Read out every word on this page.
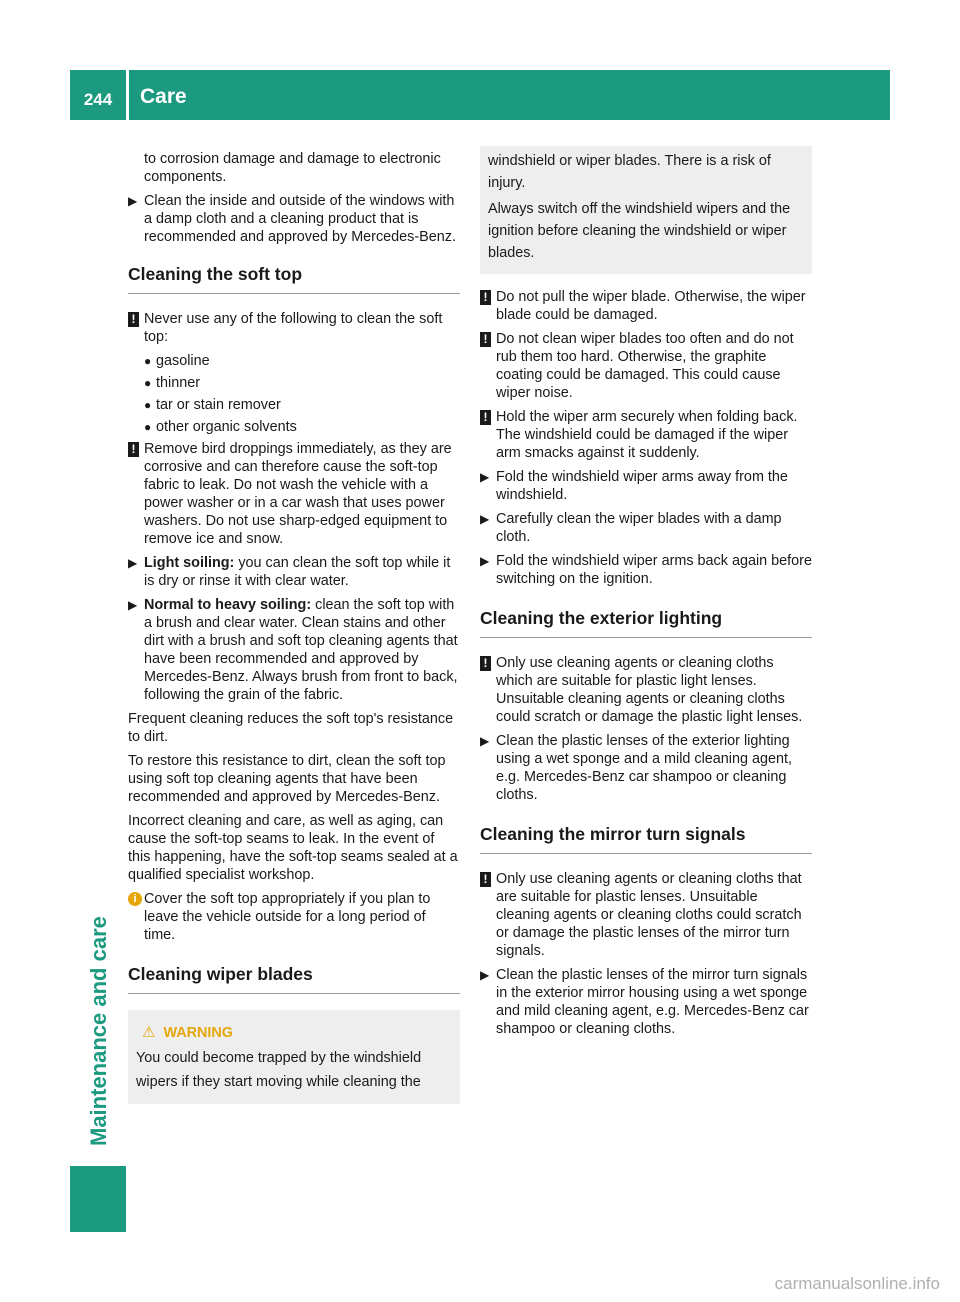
244 Care
Maintenance and care

to corrosion damage and damage to electronic components.

▶ Clean the inside and outside of the windows with a damp cloth and a cleaning product that is recommended and approved by Mercedes-Benz.
Cleaning the soft top
! Never use any of the following to clean the soft top:
● gasoline
● thinner
● tar or stain remover
● other organic solvents
! Remove bird droppings immediately, as they are corrosive and can therefore cause the soft-top fabric to leak. Do not wash the vehicle with a power washer or in a car wash that uses power washers. Do not use sharp-edged equipment to remove ice and snow.
▶ Light soiling: you can clean the soft top while it is dry or rinse it with clear water.
▶ Normal to heavy soiling: clean the soft top with a brush and clear water. Clean stains and other dirt with a brush and soft top cleaning agents that have been recommended and approved by Mercedes-Benz. Always brush from front to back, following the grain of the fabric.

Frequent cleaning reduces the soft top's resistance to dirt.

To restore this resistance to dirt, clean the soft top using soft top cleaning agents that have been recommended and approved by Mercedes-Benz.

Incorrect cleaning and care, as well as aging, can cause the soft-top seams to leak. In the event of this happening, have the soft-top seams sealed at a qualified specialist workshop.

i Cover the soft top appropriately if you plan to leave the vehicle outside for a long period of time.
Cleaning wiper blades
⚠ WARNING
You could become trapped by the windshield wipers if they start moving while cleaning the

windshield or wiper blades. There is a risk of injury.

Always switch off the windshield wipers and the ignition before cleaning the windshield or wiper blades.

! Do not pull the wiper blade. Otherwise, the wiper blade could be damaged.
! Do not clean wiper blades too often and do not rub them too hard. Otherwise, the graphite coating could be damaged. This could cause wiper noise.
! Hold the wiper arm securely when folding back. The windshield could be damaged if the wiper arm smacks against it suddenly.
▶ Fold the windshield wiper arms away from the windshield.
▶ Carefully clean the wiper blades with a damp cloth.
▶ Fold the windshield wiper arms back again before switching on the ignition.
Cleaning the exterior lighting
! Only use cleaning agents or cleaning cloths which are suitable for plastic light lenses. Unsuitable cleaning agents or cleaning cloths could scratch or damage the plastic light lenses.
▶ Clean the plastic lenses of the exterior lighting using a wet sponge and a mild cleaning agent, e.g. Mercedes-Benz car shampoo or cleaning cloths.
Cleaning the mirror turn signals
! Only use cleaning agents or cleaning cloths that are suitable for plastic lenses. Unsuitable cleaning agents or cleaning cloths could scratch or damage the plastic lenses of the mirror turn signals.
▶ Clean the plastic lenses of the mirror turn signals in the exterior mirror housing using a wet sponge and mild cleaning agent, e.g. Mercedes-Benz car shampoo or cleaning cloths.
carmanualsonline.info
